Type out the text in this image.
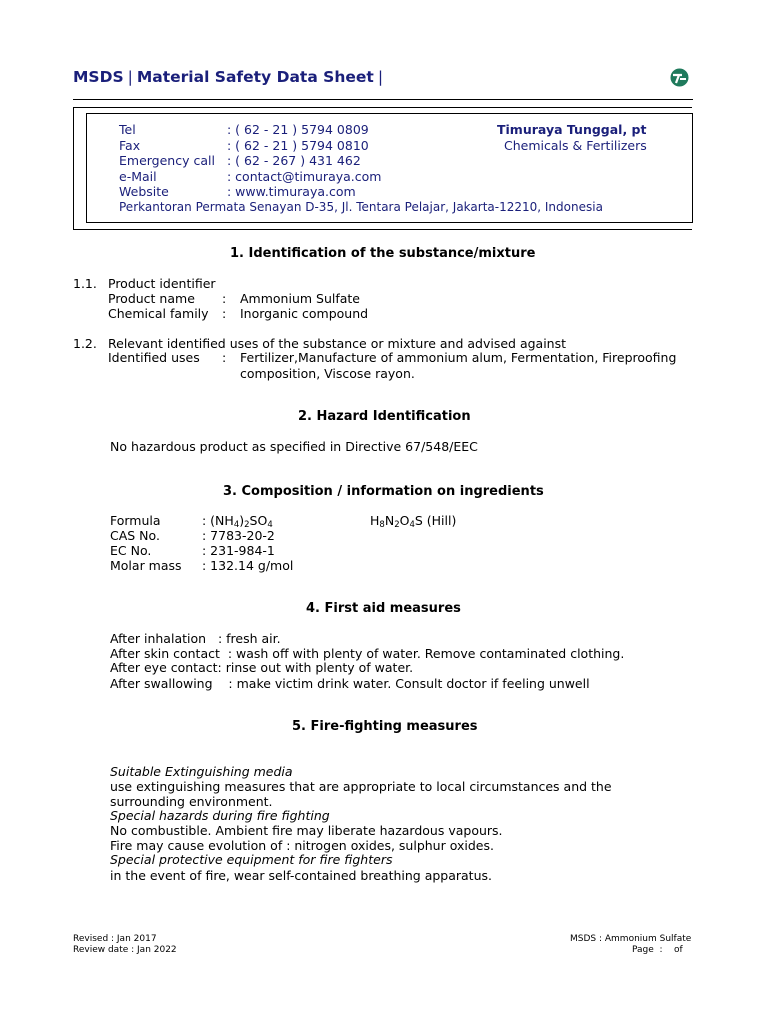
MSDS | Material Safety Data Sheet |
Tel	: ( 62 - 21 ) 5794 0809
Fax	: ( 62 - 21 ) 5794 0810
Emergency call : ( 62 - 267 ) 431 462
e-Mail	: contact@timuraya.com
Website	: www.timuraya.com
Perkantoran Permata Senayan D-35, Jl. Tentara Pelajar, Jakarta-12210, Indonesia
Timuraya Tunggal, pt
Chemicals & Fertilizers
1. Identification of the substance/mixture
1.1. Product identifier
Product name : Ammonium Sulfate
Chemical family : Inorganic compound
1.2. Relevant identified uses of the substance or mixture and advised against
Identified uses : Fertilizer,Manufacture of ammonium alum, Fermentation, Fireproofing
composition, Viscose rayon.
2. Hazard Identification
No hazardous product as specified in Directive 67/548/EEC
3. Composition / information on ingredients
Formula	: $(NH_4)_2SO_4$	$H_8N_2O_4S$ (Hill)
CAS No.	: 7783-20-2
EC No.	: 231-984-1
Molar mass : 132.14 g/mol
4. First aid measures
After inhalation   : fresh air.
After skin contact  : wash off with plenty of water. Remove contaminated clothing.
After eye contact: rinse out with plenty of water.
After swallowing    : make victim drink water. Consult doctor if feeling unwell
5. Fire-fighting measures
Suitable Extinguishing media
use extinguishing measures that are appropriate to local circumstances and the
surrounding environment.
Special hazards during fire fighting
No combustible. Ambient fire may liberate hazardous vapours.
Fire may cause evolution of : nitrogen oxides, sulphur oxides.
Special protective equipment for fire fighters
in the event of fire, wear self-contained breathing apparatus.
Revised : Jan 2017
Review date : Jan 2022
MSDS : Ammonium Sulfate
Page  :    of
